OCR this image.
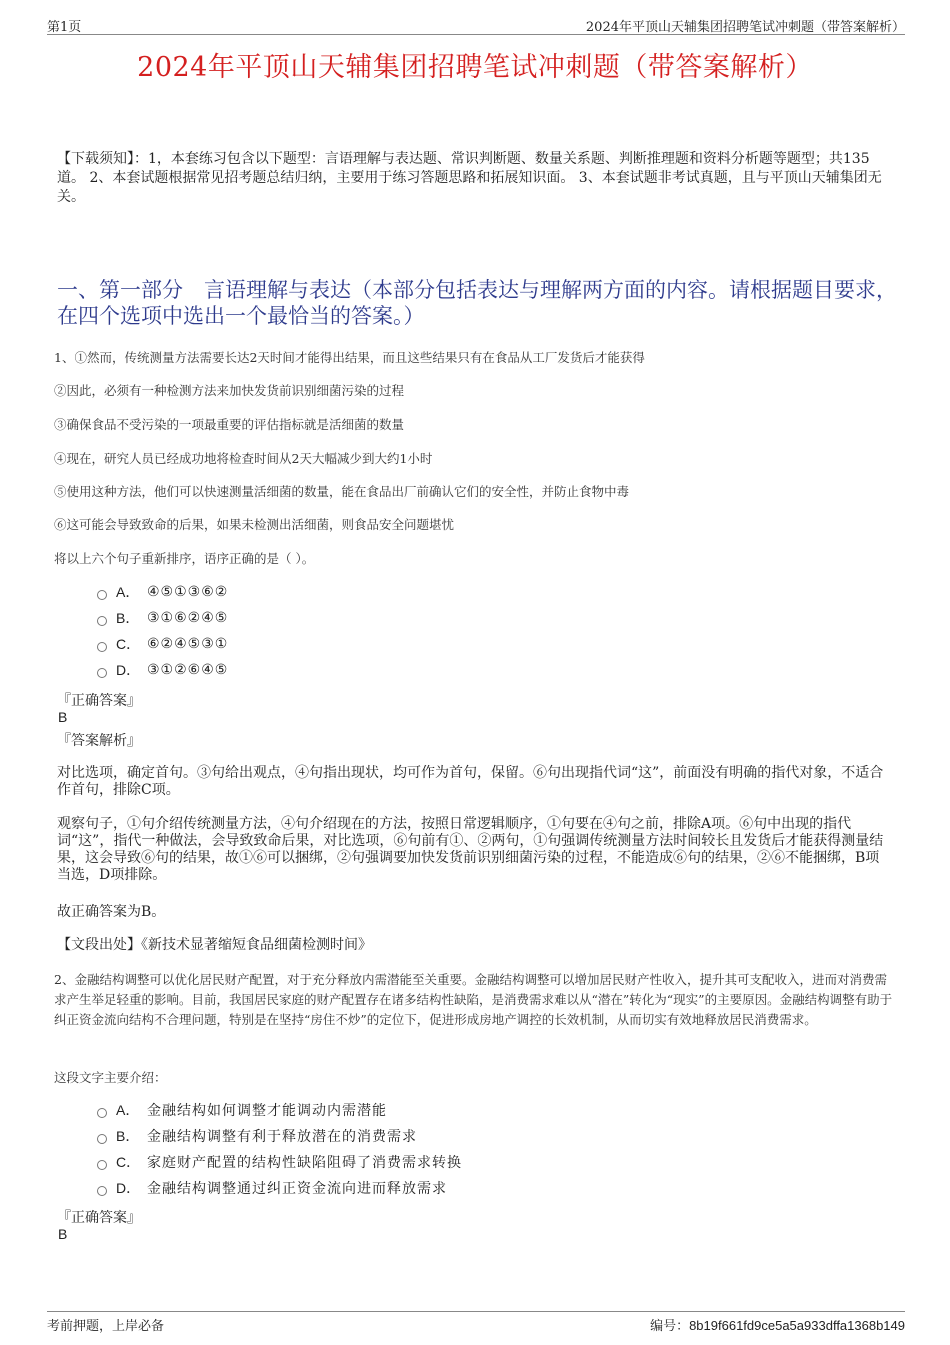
第1页	2024年平顶山天辅集团招聘笔试冲刺题（带答案解析）
2024年平顶山天辅集团招聘笔试冲刺题（带答案解析）
【下载须知】：1，本套练习包含以下题型：言语理解与表达题、常识判断题、数量关系题、判断推理题和资料分析题等题型；共135道。 2、本套试题根据常见招考题总结归纳，主要用于练习答题思路和拓展知识面。 3、本套试题非考试真题，且与平顶山天辅集团无关。
一、第一部分　言语理解与表达（本部分包括表达与理解两方面的内容。请根据题目要求，在四个选项中选出一个最恰当的答案。）
1、①然而，传统测量方法需要长达2天时间才能得出结果，而且这些结果只有在食品从工厂发货后才能获得
②因此，必须有一种检测方法来加快发货前识别细菌污染的过程
③确保食品不受污染的一项最重要的评估指标就是活细菌的数量
④现在，研究人员已经成功地将检查时间从2天大幅减少到大约1小时
⑤使用这种方法，他们可以快速测量活细菌的数量，能在食品出厂前确认它们的安全性，并防止食物中毒
⑥这可能会导致致命的后果，如果未检测出活细菌，则食品安全问题堪忧
将以上六个句子重新排序，语序正确的是（ ）。
A． ④⑤①③⑥②
B． ③①⑥②④⑤
C． ⑥②④⑤③①
D． ③①②⑥④⑤
『正确答案』
B
『答案解析』
对比选项，确定首句。③句给出观点，④句指出现状，均可作为首句，保留。⑥句出现指代词“这”，前面没有明确的指代对象，不适合作首句，排除C项。
观察句子，①句介绍传统测量方法，④句介绍现在的方法，按照日常逻辑顺序，①句要在④句之前，排除A项。⑥句中出现的指代词“这”，指代一种做法，会导致致命后果，对比选项，⑥句前有①、②两句，①句强调传统测量方法时间较长且发货后才能获得测量结果，这会导致⑥句的结果，故①⑥可以捆绑，②句强调要加快发货前识别细菌污染的过程，不能造成⑥句的结果，②⑥不能捆绑，B项当选，D项排除。
故正确答案为B。
【文段出处】《新技术显著缩短食品细菌检测时间》
2、金融结构调整可以优化居民财产配置，对于充分释放内需潜能至关重要。金融结构调整可以增加居民财产性收入，提升其可支配收入，进而对消费需求产生举足轻重的影响。目前，我国居民家庭的财产配置存在诸多结构性缺陷，是消费需求难以从“潜在”转化为“现实”的主要原因。金融结构调整有助于纠正资金流向结构不合理问题，特别是在坚持“房住不炒”的定位下，促进形成房地产调控的长效机制，从而切实有效地释放居民消费需求。
这段文字主要介绍：
A． 金融结构如何调整才能调动内需潜能
B． 金融结构调整有利于释放潜在的消费需求
C． 家庭财产配置的结构性缺陷阻碍了消费需求转换
D． 金融结构调整通过纠正资金流向进而释放需求
『正确答案』
B
考前押题，上岸必备	编号：8b19f661fd9ce5a5a933dffa1368b149
